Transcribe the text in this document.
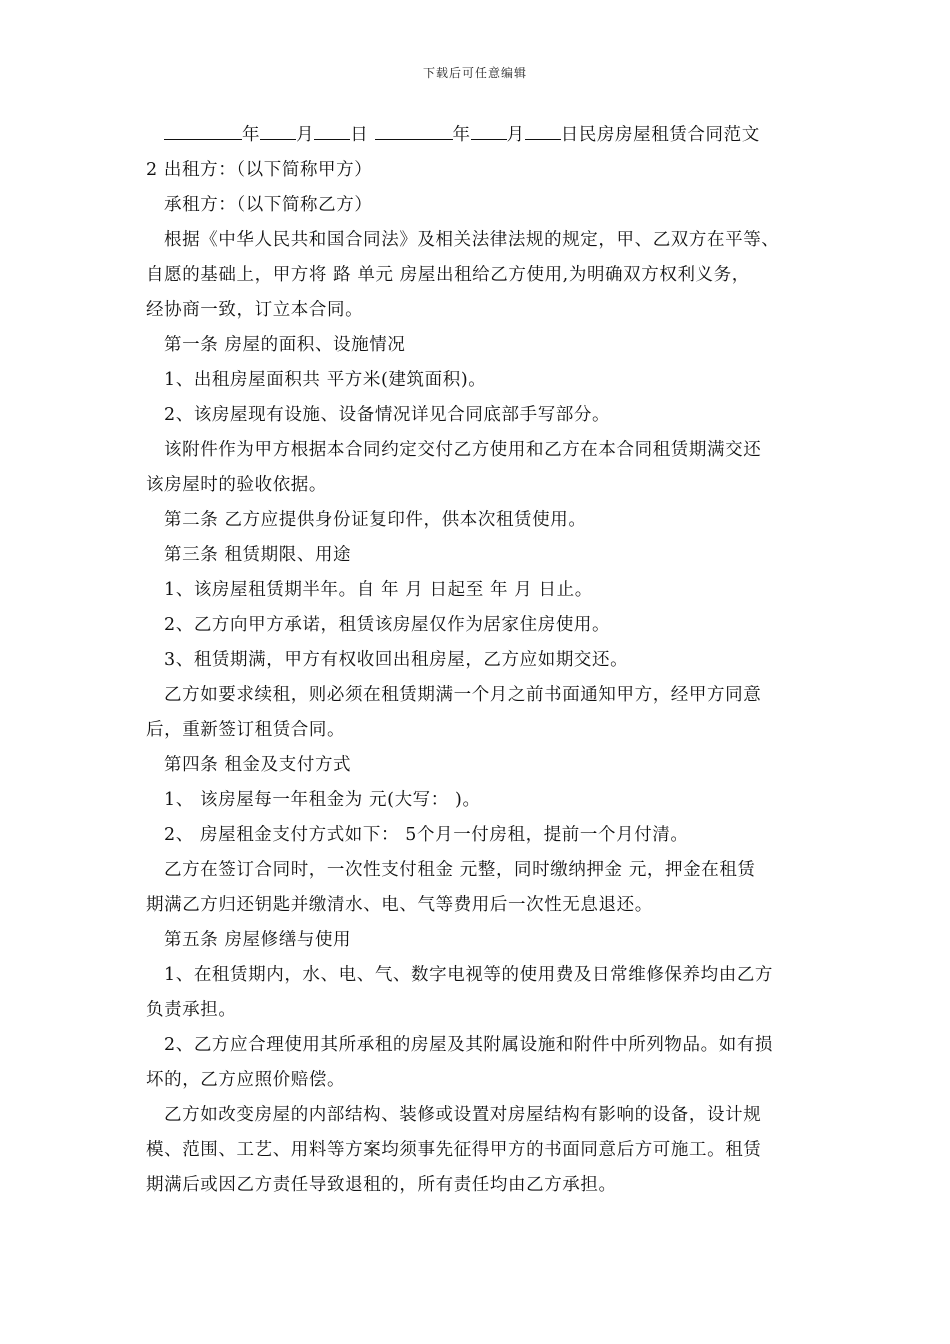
下载后可任意编辑
年 月 日	年 月 日民房房屋租赁合同范文

2 出租方：（以下简称甲方）

承租方：（以下简称乙方）

根据《中华人民共和国合同法》及相关法律法规的规定，甲、乙双方在平等、

自愿的基础上，甲方将 路 单元 房屋出租给乙方使用,为明确双方权利义务，

经协商一致，订立本合同。

第一条 房屋的面积、设施情况

1、出租房屋面积共 平方米(建筑面积)。

2、该房屋现有设施、设备情况详见合同底部手写部分。

该附件作为甲方根据本合同约定交付乙方使用和乙方在本合同租赁期满交还

该房屋时的验收依据。

第二条 乙方应提供身份证复印件，供本次租赁使用。

第三条 租赁期限、用途

1、该房屋租赁期半年。自 年 月 日起至 年 月 日止。

2、乙方向甲方承诺，租赁该房屋仅作为居家住房使用。

3、租赁期满，甲方有权收回出租房屋，乙方应如期交还。

乙方如要求续租，则必须在租赁期满一个月之前书面通知甲方，经甲方同意

后，重新签订租赁合同。

第四条 租金及支付方式

1、 该房屋每一年租金为 元(大写： )。

2、 房屋租金支付方式如下： 5个月一付房租，提前一个月付清。

乙方在签订合同时，一次性支付租金 元整，同时缴纳押金 元，押金在租赁

期满乙方归还钥匙并缴清水、电、气等费用后一次性无息退还。

第五条 房屋修缮与使用

1、在租赁期内，水、电、气、数字电视等的使用费及日常维修保养均由乙方

负责承担。

2、乙方应合理使用其所承租的房屋及其附属设施和附件中所列物品。如有损

坏的，乙方应照价赔偿。

乙方如改变房屋的内部结构、装修或设置对房屋结构有影响的设备，设计规

模、范围、工艺、用料等方案均须事先征得甲方的书面同意后方可施工。租赁

期满后或因乙方责任导致退租的，所有责任均由乙方承担。
